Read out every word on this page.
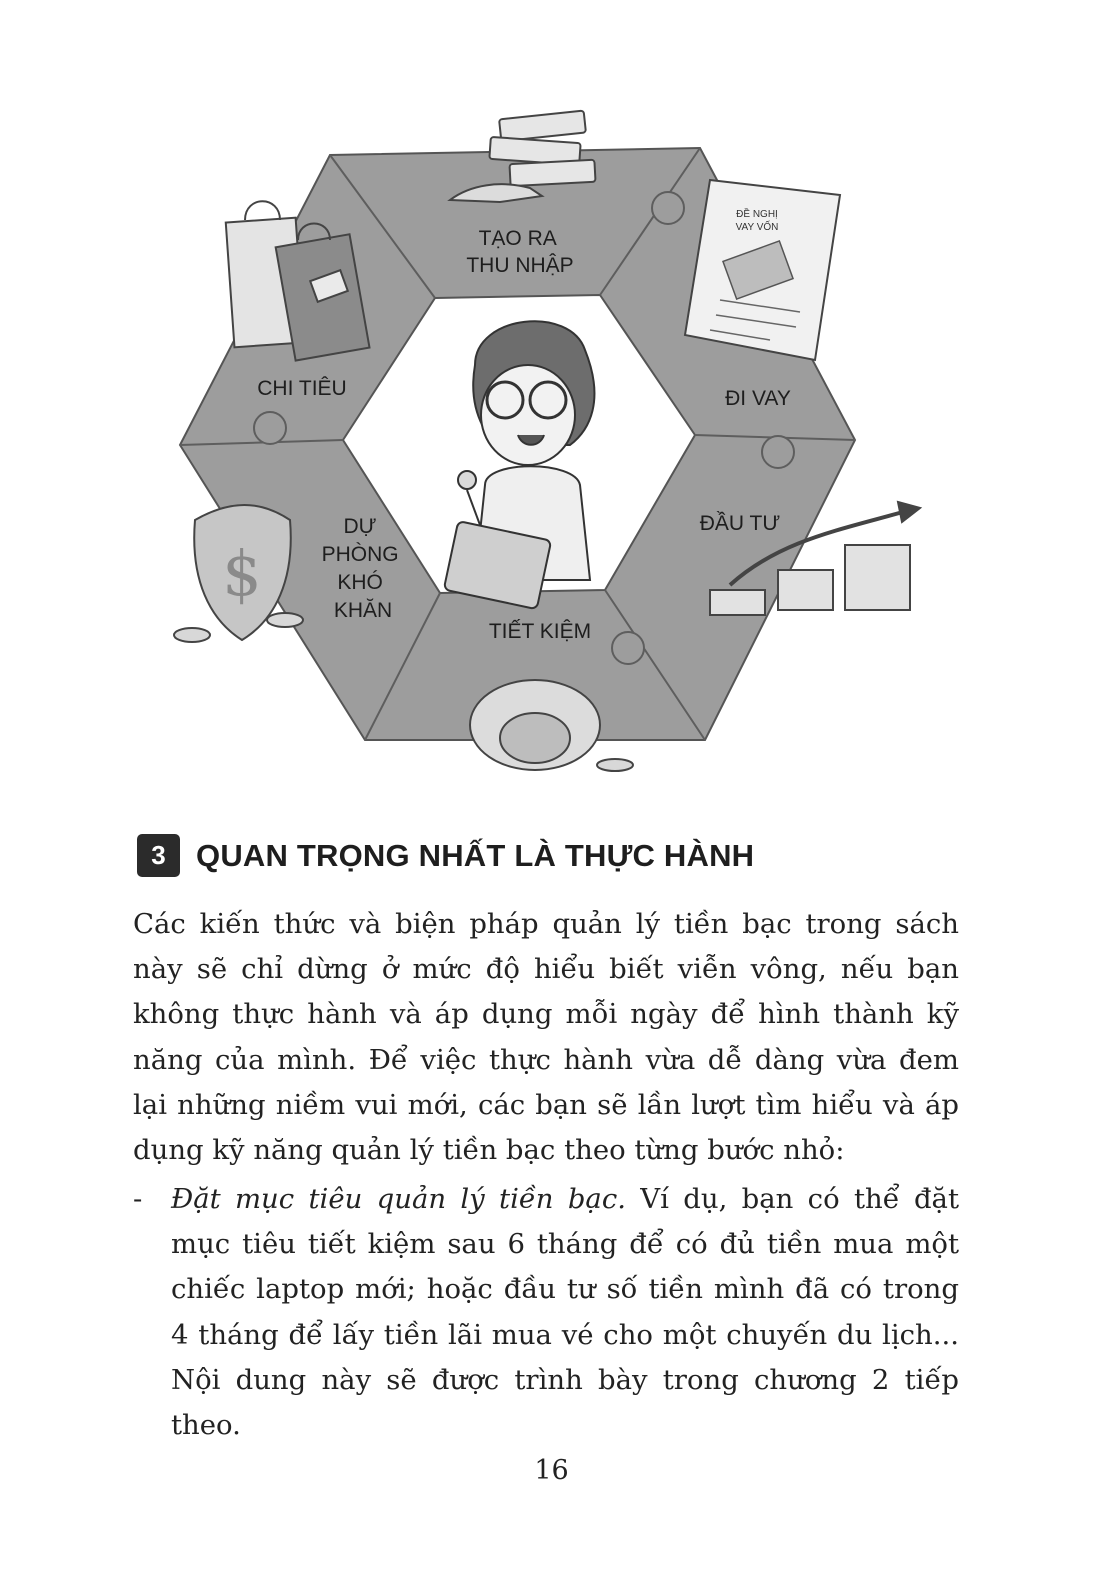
TẠO RA THU NHẬP
ĐI VAY
ĐẦU TƯ
TIẾT KIỆM
DỰ PHÒNG KHÓ KHĂN
CHI TIÊU
ĐỀ NGHỊ
VAY VỐN
$
3 QUAN TRỌNG NHẤT LÀ THỰC HÀNH
Các kiến thức và biện pháp quản lý tiền bạc trong sách này sẽ chỉ dừng ở mức độ hiểu biết viễn vông, nếu bạn không thực hành và áp dụng mỗi ngày để hình thành kỹ năng của mình. Để việc thực hành vừa dễ dàng vừa đem lại những niềm vui mới, các bạn sẽ lần lượt tìm hiểu và áp dụng kỹ năng quản lý tiền bạc theo từng bước nhỏ:
- Đặt mục tiêu quản lý tiền bạc. Ví dụ, bạn có thể đặt mục tiêu tiết kiệm sau 6 tháng để có đủ tiền mua một chiếc laptop mới; hoặc đầu tư số tiền mình đã có trong 4 tháng để lấy tiền lãi mua vé cho một chuyến du lịch... Nội dung này sẽ được trình bày trong chương 2 tiếp theo.
16
